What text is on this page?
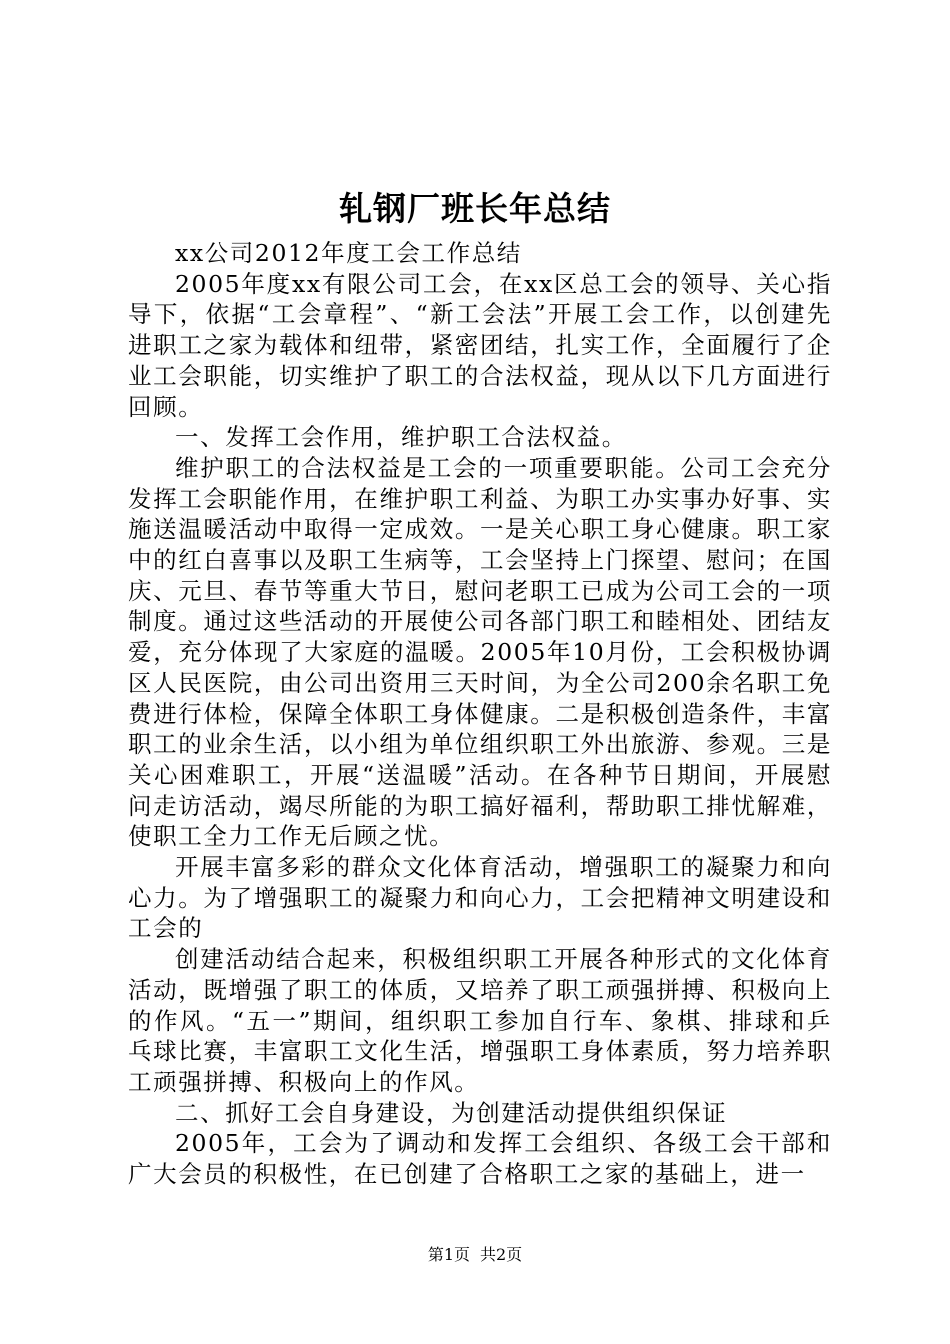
轧钢厂班长年总结

xx公司2012年度工会工作总结

2005年度xx有限公司工会，在xx区总工会的领导、关心指导下，依据“工会章程”、“新工会法”开展工会工作，以创建先进职工之家为载体和纽带，紧密团结，扎实工作，全面履行了企业工会职能，切实维护了职工的合法权益，现从以下几方面进行回顾。

一、发挥工会作用，维护职工合法权益。

维护职工的合法权益是工会的一项重要职能。公司工会充分发挥工会职能作用，在维护职工利益、为职工办实事办好事、实施送温暖活动中取得一定成效。一是关心职工身心健康。职工家中的红白喜事以及职工生病等，工会坚持上门探望、慰问；在国庆、元旦、春节等重大节日，慰问老职工已成为公司工会的一项制度。通过这些活动的开展使公司各部门职工和睦相处、团结友爱，充分体现了大家庭的温暖。2005年10月份，工会积极协调区人民医院，由公司出资用三天时间，为全公司200余名职工免费进行体检，保障全体职工身体健康。二是积极创造条件，丰富职工的业余生活，以小组为单位组织职工外出旅游、参观。三是关心困难职工，开展“送温暖”活动。在各种节日期间，开展慰问走访活动，竭尽所能的为职工搞好福利，帮助职工排忧解难，使职工全力工作无后顾之忧。

开展丰富多彩的群众文化体育活动，增强职工的凝聚力和向心力。为了增强职工的凝聚力和向心力，工会把精神文明建设和工会的

创建活动结合起来，积极组织职工开展各种形式的文化体育活动，既增强了职工的体质，又培养了职工顽强拼搏、积极向上的作风。“五一”期间，组织职工参加自行车、象棋、排球和乒乓球比赛，丰富职工文化生活，增强职工身体素质，努力培养职工顽强拼搏、积极向上的作风。

二、抓好工会自身建设，为创建活动提供组织保证

2005年，工会为了调动和发挥工会组织、各级工会干部和广大会员的积极性，在已创建了合格职工之家的基础上，进一

第1页 共2页
